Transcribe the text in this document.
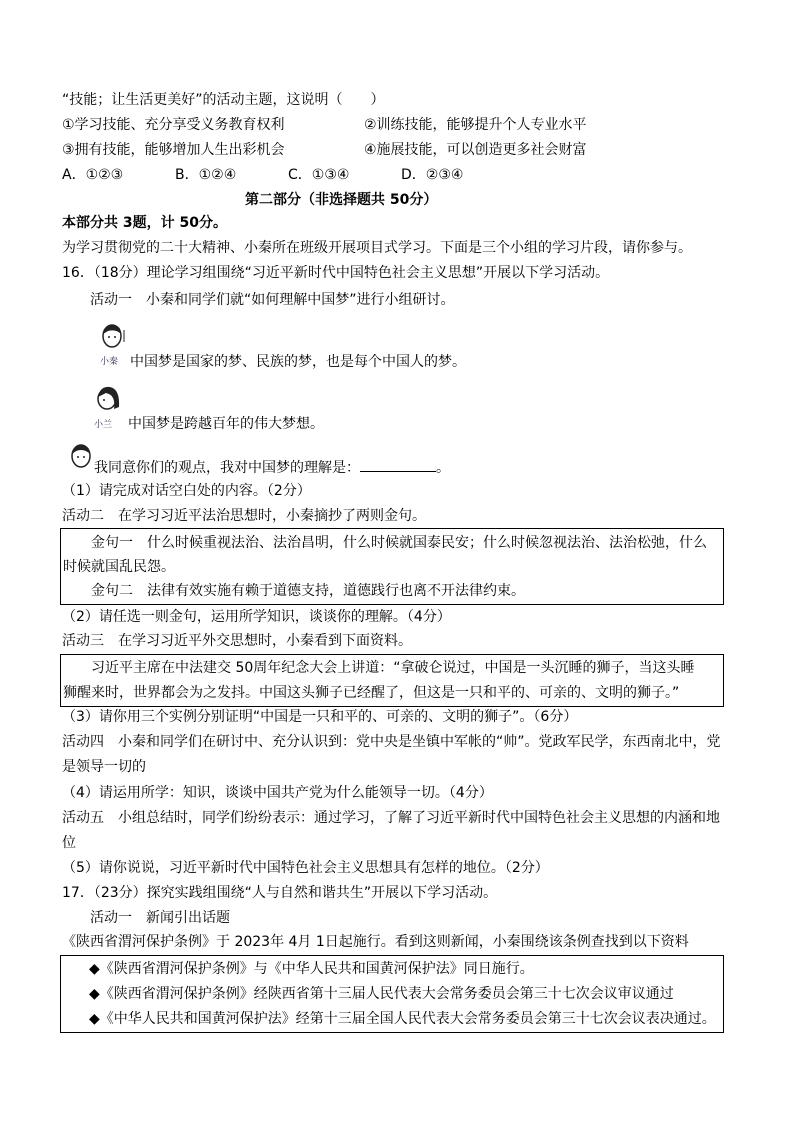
“技能；让生活更美好”的活动主题，这说明（　　）
①学习技能、充分享受义务教育权利	②训练技能，能够提升个人专业水平
③拥有技能，能够增加人生出彩机会	④施展技能，可以创造更多社会财富
A．①②③	B．①②④	C．①③④	D．②③④
第二部分（非选择题共 50分）
本部分共 3题，计 50分。
为学习贯彻党的二十大精神、小秦所在班级开展项目式学习。下面是三个小组的学习片段，请你参与。
16．（18分）理论学习组围绕“习近平新时代中国特色社会主义思想”开展以下学习活动。
活动一　小秦和同学们就“如何理解中国梦”进行小组研讨。
小秦 中国梦是国家的梦、民族的梦，也是每个中国人的梦。
小兰 中国梦是跨越百年的伟大梦想。
我同意你们的观点，我对中国梦的理解是：	。
（1）请完成对话空白处的内容。（2分）
活动二　在学习习近平法治思想时，小秦摘抄了两则金句。
金句一　什么时候重视法治、法治昌明，什么时候就国泰民安；什么时候忽视法治、法治松弛，什么
时候就国乱民怨。
金句二　法律有效实施有赖于道德支持，道德践行也离不开法律约束。
（2）请任选一则金句，运用所学知识，谈谈你的理解。（4分）
活动三　在学习习近平外交思想时，小秦看到下面资料。
习近平主席在中法建交 50周年纪念大会上讲道：“拿破仑说过，中国是一头沉睡的狮子，当这头睡
狮醒来时，世界都会为之发抖。中国这头狮子已经醒了，但这是一只和平的、可亲的、文明的狮子。”
（3）请你用三个实例分别证明“中国是一只和平的、可亲的、文明的狮子”。（6分）
活动四　小秦和同学们在研讨中、充分认识到：党中央是坐镇中军帐的“帅”。党政军民学，东西南北中，党
是领导一切的
（4）请运用所学：知识，谈谈中国共产党为什么能领导一切。（4分）
活动五　小组总结时，同学们纷纷表示：通过学习，了解了习近平新时代中国特色社会主义思想的内涵和地
位
（5）请你说说，习近平新时代中国特色社会主义思想具有怎样的地位。（2分）
17．（23分）探究实践组围绕“人与自然和谐共生”开展以下学习活动。
活动一　新闻引出话题
《陕西省渭河保护条例》于 2023年 4月 1日起施行。看到这则新闻，小秦围绕该条例查找到以下资料
◆《陕西省渭河保护条例》与《中华人民共和国黄河保护法》同日施行。
◆《陕西省渭河保护条例》经陕西省第十三届人民代表大会常务委员会第三十七次会议审议通过
◆《中华人民共和国黄河保护法》经第十三届全国人民代表大会常务委员会第三十七次会议表决通过。
